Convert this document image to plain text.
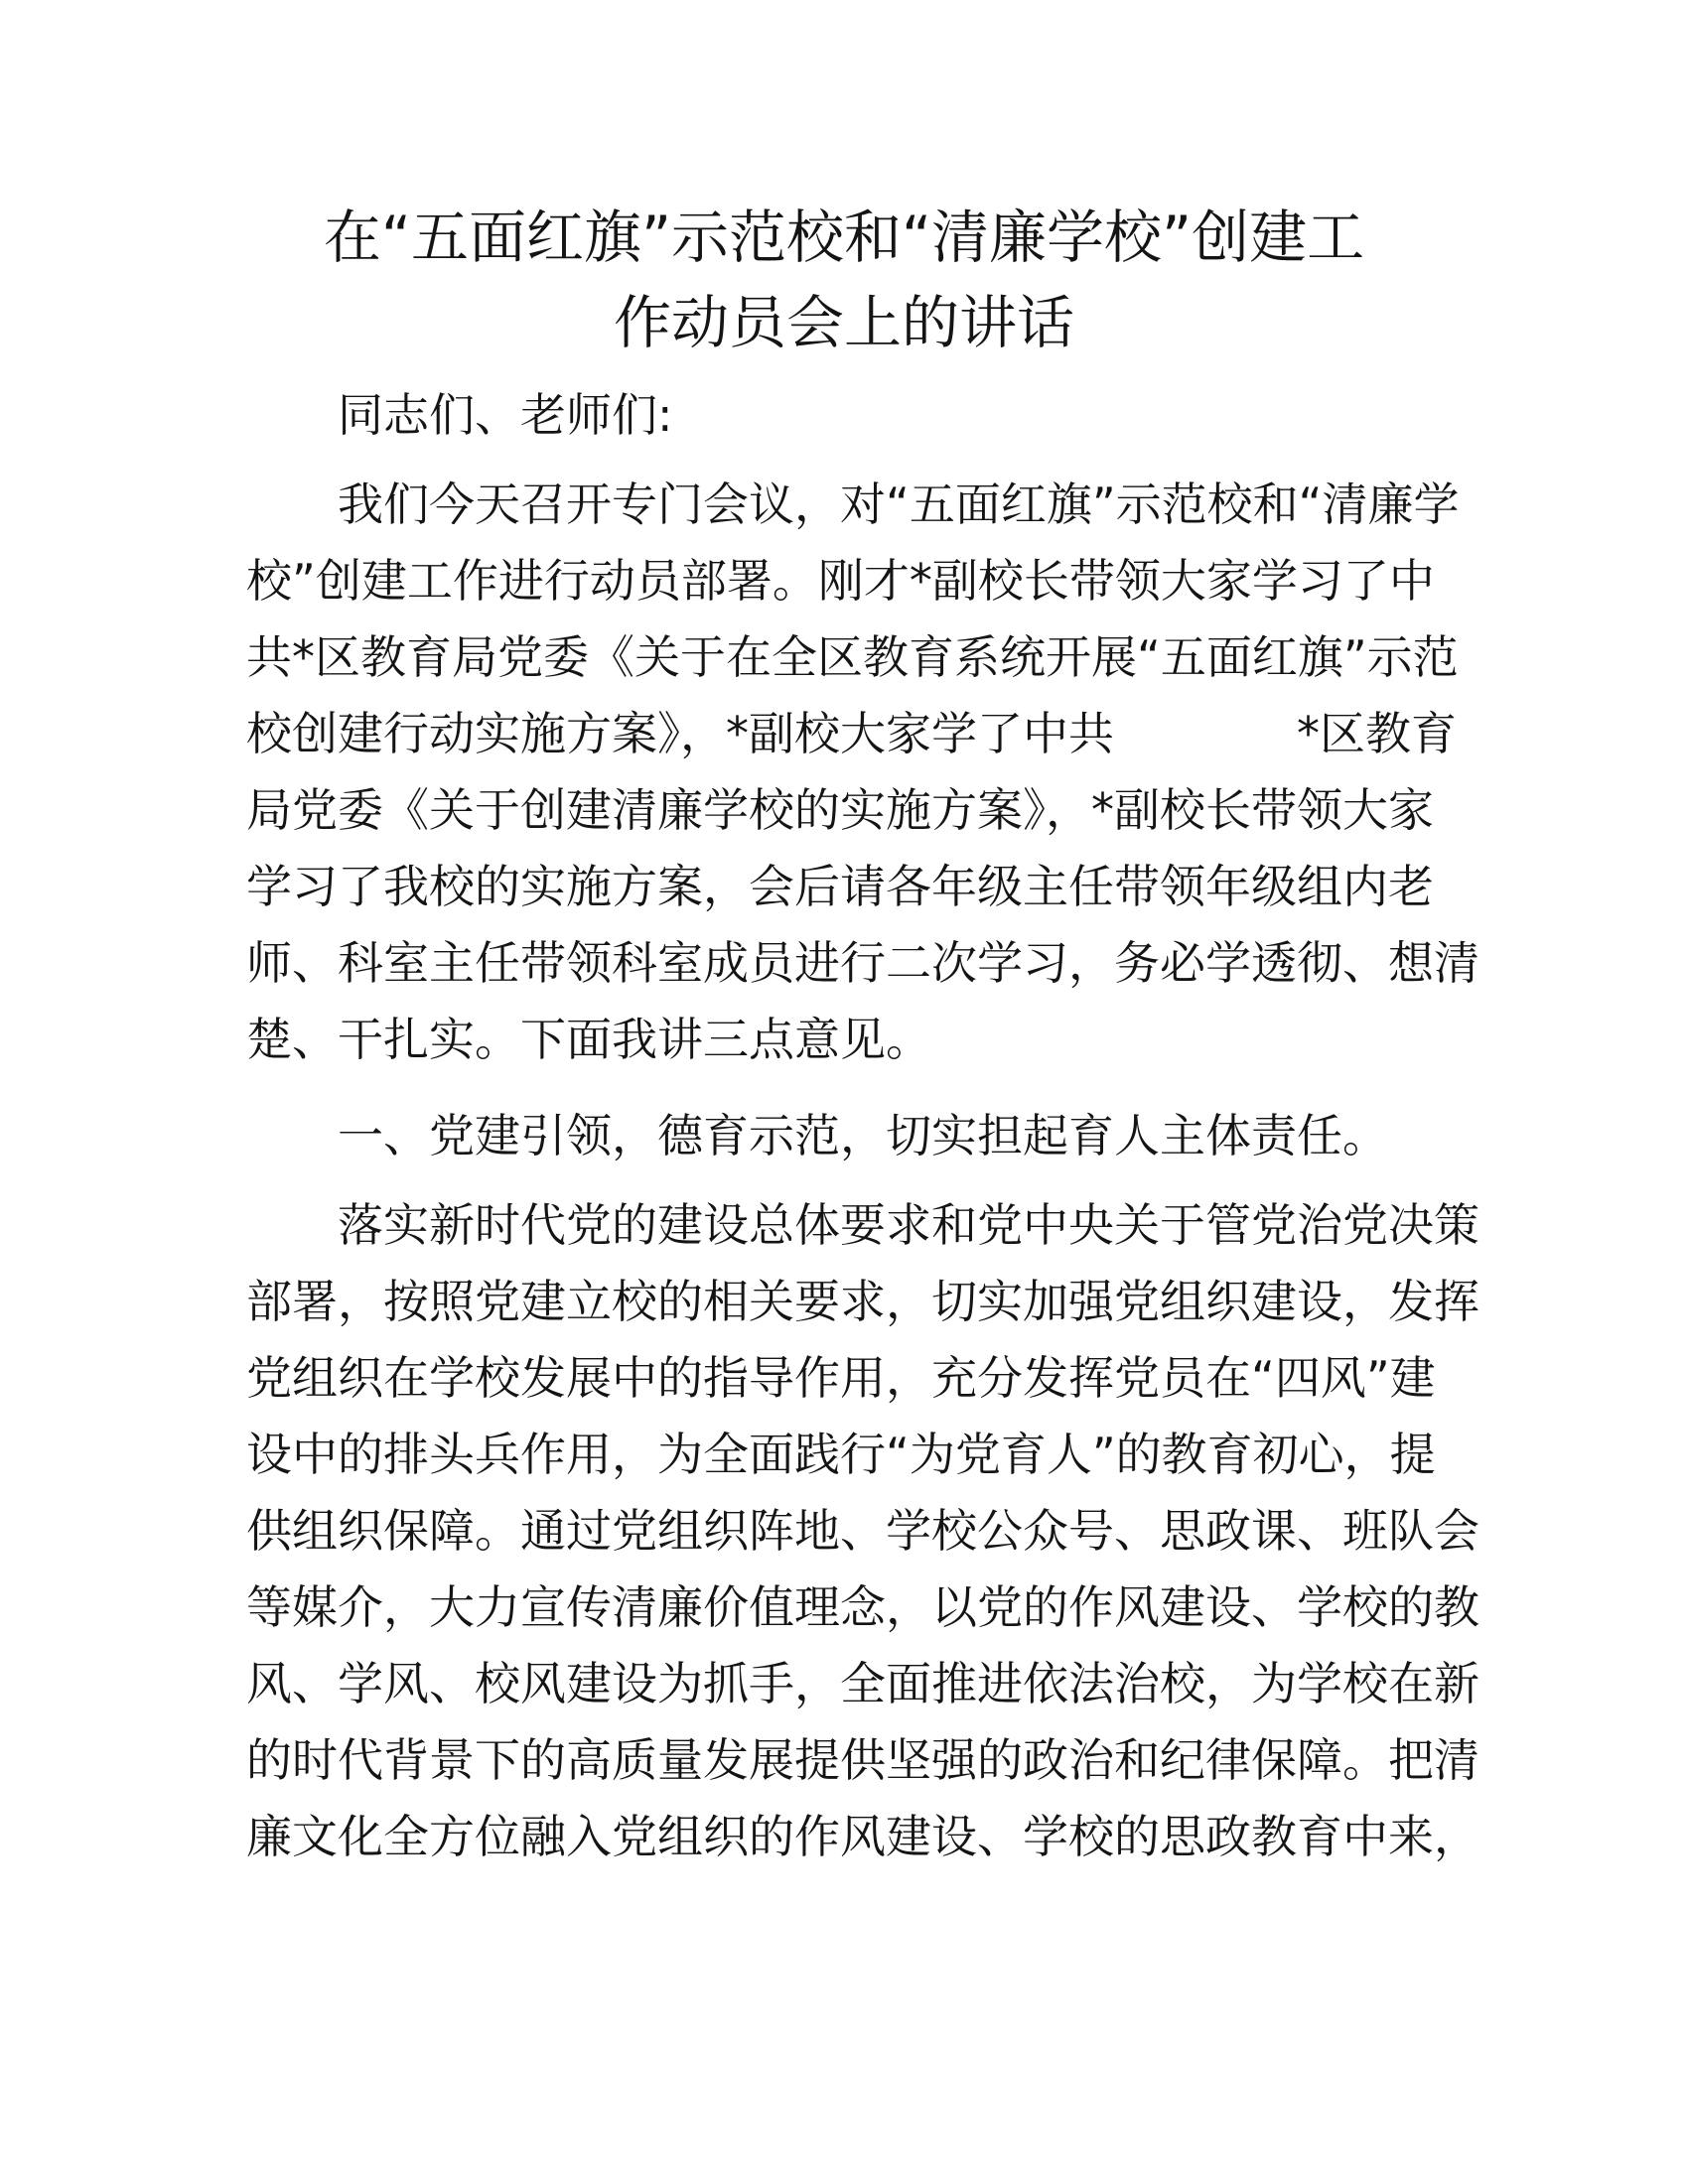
在“五面红旗”示范校和“清廉学校”创建工
作动员会上的讲话

同志们、老师们:

我们今天召开专门会议，对“五面红旗”示范校和“清廉学
校”创建工作进行动员部署。刚才*副校长带领大家学习了中
共*区教育局党委《关于在全区教育系统开展“五面红旗”示范
校创建行动实施方案》，*副校大家学了中共　　　　*区教育
局党委《关于创建清廉学校的实施方案》，*副校长带领大家
学习了我校的实施方案，会后请各年级主任带领年级组内老
师、科室主任带领科室成员进行二次学习，务必学透彻、想清
楚、干扎实。下面我讲三点意见。

一、党建引领，德育示范，切实担起育人主体责任。

落实新时代党的建设总体要求和党中央关于管党治党决策
部署，按照党建立校的相关要求，切实加强党组织建设，发挥
党组织在学校发展中的指导作用，充分发挥党员在“四风”建
设中的排头兵作用，为全面践行“为党育人”的教育初心，提
供组织保障。通过党组织阵地、学校公众号、思政课、班队会
等媒介，大力宣传清廉价值理念，以党的作风建设、学校的教
风、学风、校风建设为抓手，全面推进依法治校，为学校在新
的时代背景下的高质量发展提供坚强的政治和纪律保障。把清
廉文化全方位融入党组织的作风建设、学校的思政教育中来，
